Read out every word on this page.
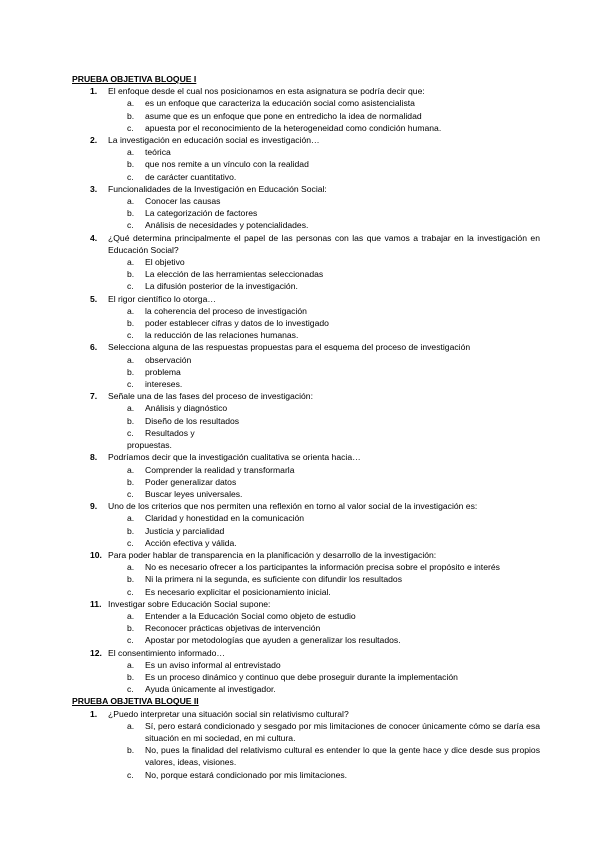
PRUEBA OBJETIVA BLOQUE I
1. El enfoque desde el cual nos posicionamos en esta asignatura se podría decir que:
a. es un enfoque que caracteriza la educación social como asistencialista
b. asume que es un enfoque que pone en entredicho la idea de normalidad
c. apuesta por el reconocimiento de la heterogeneidad como condición humana.
2. La investigación en educación social es investigación…
a. teórica
b. que nos remite a un vínculo con la realidad
c. de carácter cuantitativo.
3. Funcionalidades de la Investigación en Educación Social:
a. Conocer las causas
b. La categorización de factores
c. Análisis de necesidades y potencialidades.
4. ¿Qué determina principalmente el papel de las personas con las que vamos a trabajar en la investigación en Educación Social?
a. El objetivo
b. La elección de las herramientas seleccionadas
c. La difusión posterior de la investigación.
5. El rigor científico lo otorga…
a. la coherencia del proceso de investigación
b. poder establecer cifras y datos de lo investigado
c. la reducción de las relaciones humanas.
6. Selecciona alguna de las respuestas propuestas para el esquema del proceso de investigación
a. observación
b. problema
c. intereses.
7. Señale una de las fases del proceso de investigación:
a. Análisis y diagnóstico
b. Diseño de los resultados
c. Resultados y
propuestas.
8. Podríamos decir que la investigación cualitativa se orienta hacia…
a. Comprender la realidad y transformarla
b. Poder generalizar datos
c. Buscar leyes universales.
9. Uno de los criterios que nos permiten una reflexión en torno al valor social de la investigación es:
a. Claridad y honestidad en la comunicación
b. Justicia y parcialidad
c. Acción efectiva y válida.
10. Para poder hablar de transparencia en la planificación y desarrollo de la investigación:
a. No es necesario ofrecer a los participantes la información precisa sobre el propósito e interés
b. Ni la primera ni la segunda, es suficiente con difundir los resultados
c. Es necesario explicitar el posicionamiento inicial.
11. Investigar sobre Educación Social supone:
a. Entender a la Educación Social como objeto de estudio
b. Reconocer prácticas objetivas de intervención
c. Apostar por metodologías que ayuden a generalizar los resultados.
12. El consentimiento informado…
a. Es un aviso informal al entrevistado
b. Es un proceso dinámico y continuo que debe proseguir durante la implementación
c. Ayuda únicamente al investigador.
PRUEBA OBJETIVA BLOQUE II
1. ¿Puedo interpretar una situación social sin relativismo cultural?
a. Sí, pero estará condicionado y sesgado por mis limitaciones de conocer únicamente cómo se daría esa situación en mi sociedad, en mi cultura.
b. No, pues la finalidad del relativismo cultural es entender lo que la gente hace y dice desde sus propios valores, ideas, visiones.
c. No, porque estará condicionado por mis limitaciones.
